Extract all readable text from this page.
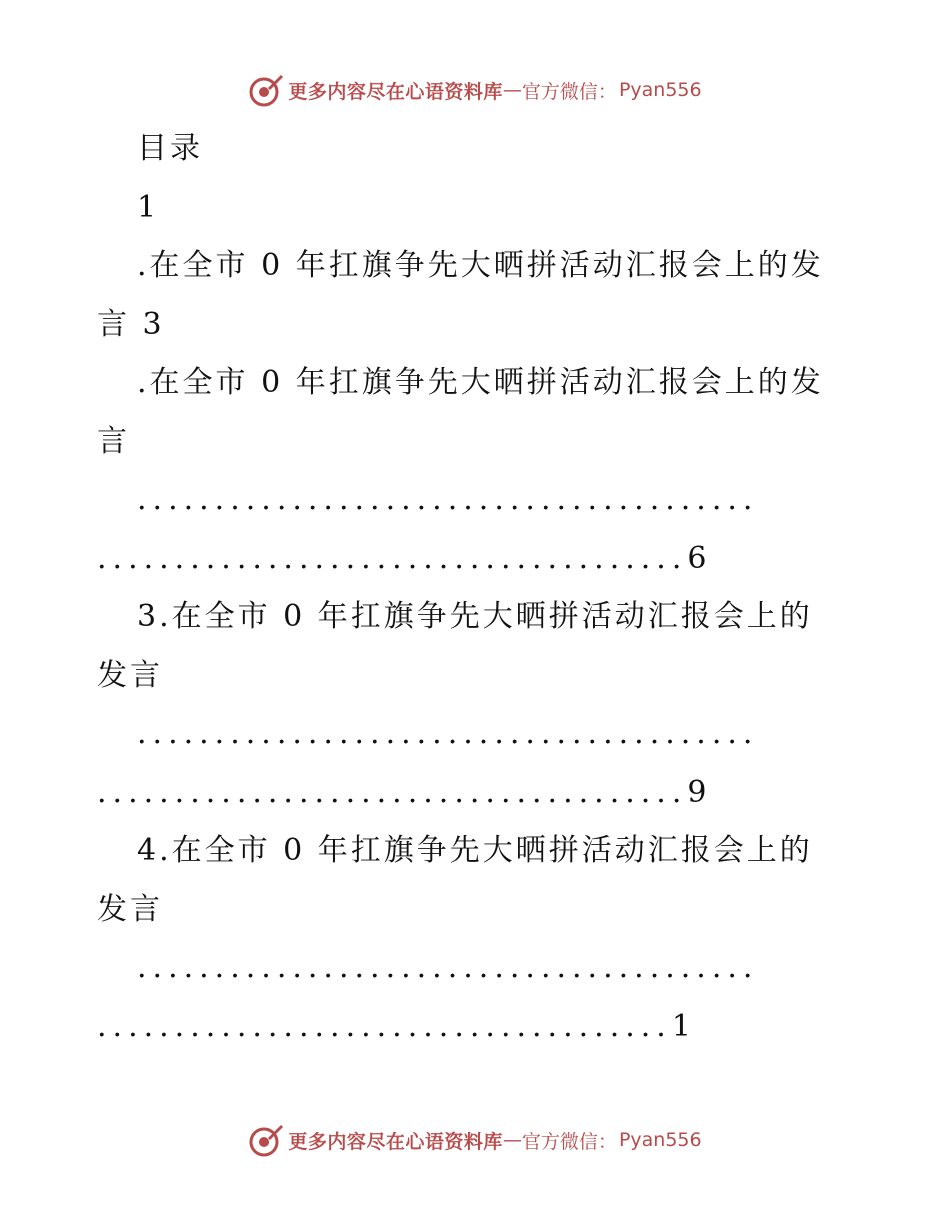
更多内容尽在心语资料库 — 官方微信： Pyan556
目录
1
.在全市 0 年扛旗争先大晒拼活动汇报会上的发
言 3
.在全市 0 年扛旗争先大晒拼活动汇报会上的发
言
........................................
......................................6
3.在全市 0 年扛旗争先大晒拼活动汇报会上的
发言
........................................
......................................9
4.在全市 0 年扛旗争先大晒拼活动汇报会上的
发言
........................................
.....................................1
更多内容尽在心语资料库 — 官方微信： Pyan556
